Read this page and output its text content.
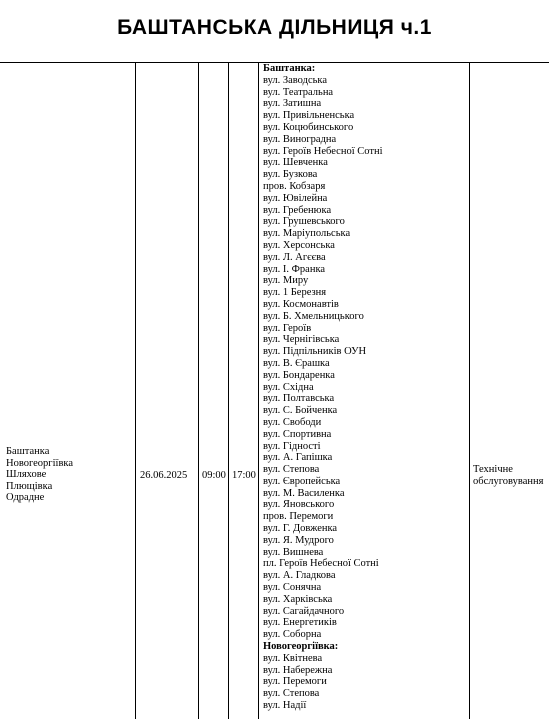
БАШТАНСЬКА ДІЛЬНИЦЯ ч.1
Баштанка
Новогеоргіївка
Шляхове
Плющівка
Одрадне
26.06.2025 09:00 17:00
Технічне обслуговування
Баштанка:
вул. Заводська
вул. Театральна
вул. Затишна
вул. Привільненська
вул. Коцюбинського
вул. Виноградна
вул. Героїв Небесної Сотні
вул. Шевченка
вул. Бузкова
пров. Кобзаря
вул. Ювілейна
вул. Гребенюка
вул. Грушевського
вул. Маріупольська
вул. Херсонська
вул. Л. Агєєва
вул. І. Франка
вул. Миру
вул. 1 Березня
вул. Космонавтів
вул. Б. Хмельницького
вул. Героїв
вул. Чернігівська
вул. Підпільників ОУН
вул. В. Єрашка
вул. Бондаренка
вул. Східна
вул. Полтавська
вул. С. Бойченка
вул. Свободи
вул. Спортивна
вул. Гідності
вул. А. Гапішка
вул. Степова
вул. Європейська
вул. М. Василенка
вул. Яновського
пров. Перемоги
вул. Г. Довженка
вул. Я. Мудрого
вул. Вишнева
пл. Героїв Небесної Сотні
вул. А. Гладкова
вул. Сонячна
вул. Харківська
вул. Сагайдачного
вул. Енергетиків
вул. Соборна
Новогеоргіївка:
вул. Квітнева
вул. Набережна
вул. Перемоги
вул. Степова
вул. Надії
